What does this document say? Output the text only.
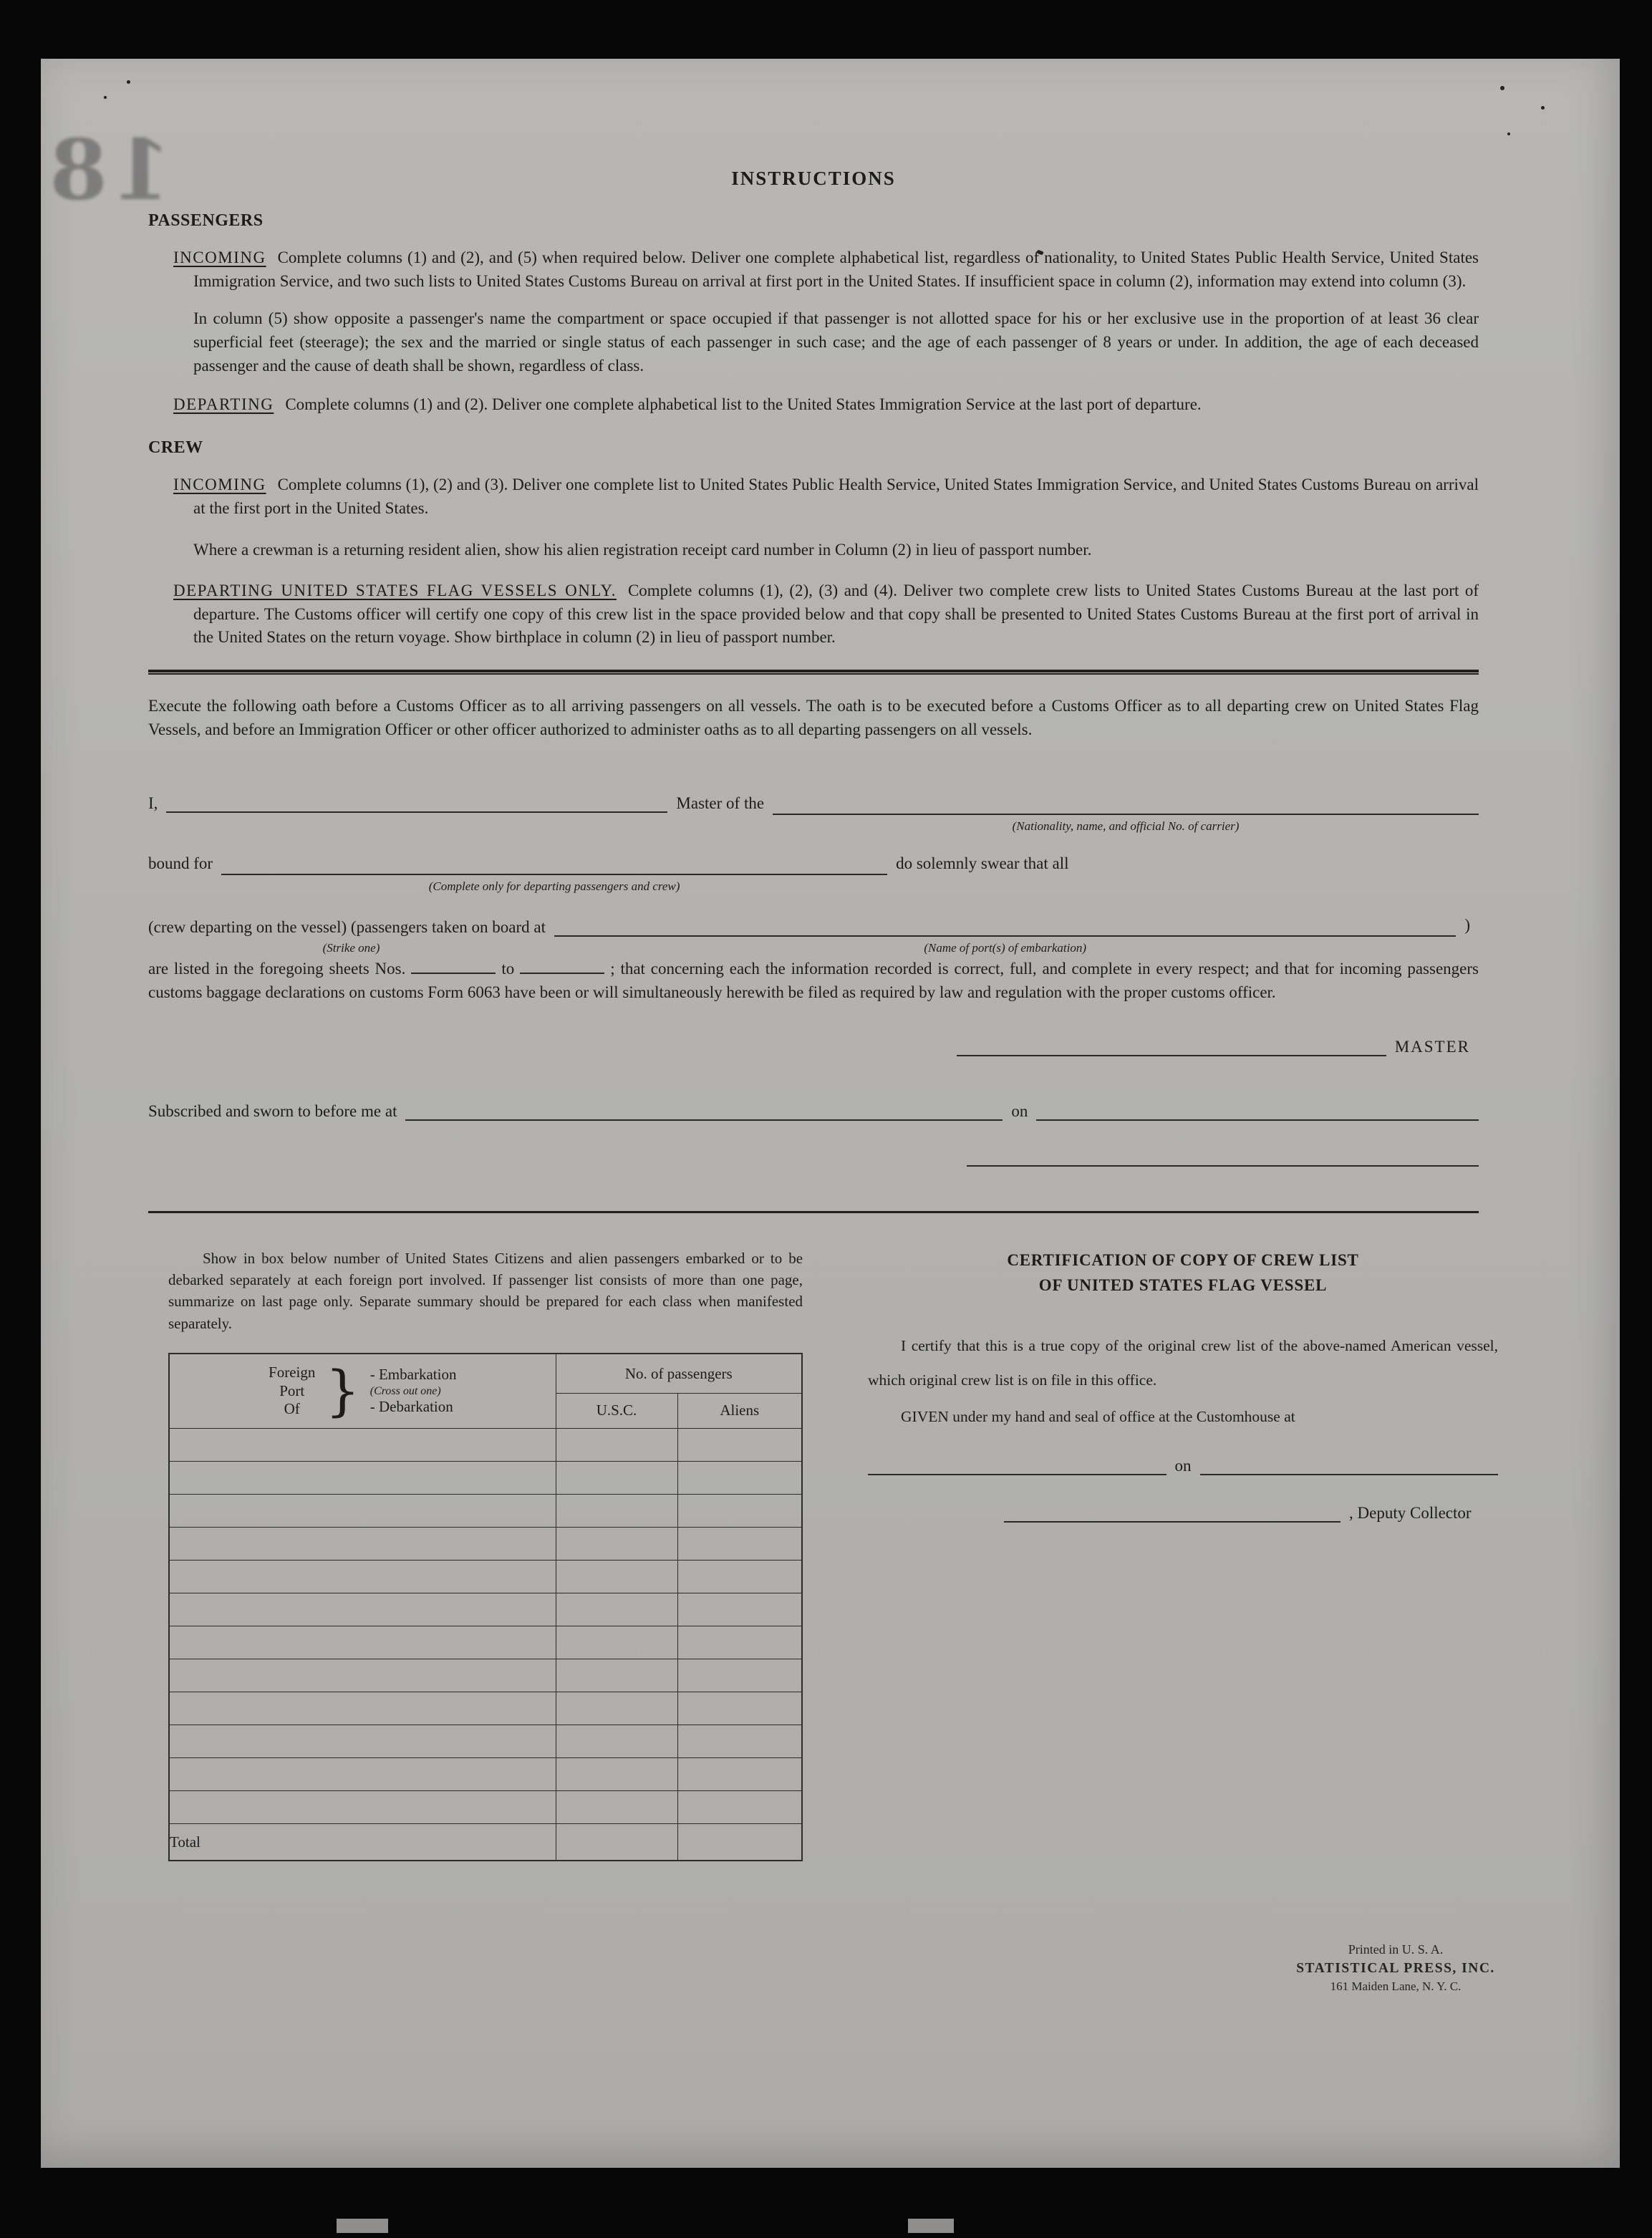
18	INSTRUCTIONS
PASSENGERS

INCOMING Complete columns (1) and (2), and (5) when required below. Deliver one complete alphabetical list, regardless of nationality, to United States Public Health Service, United States Immigration Service, and two such lists to United States Customs Bureau on arrival at first port in the United States. If insufficient space in column (2), information may extend into column (3).

In column (5) show opposite a passenger's name the compartment or space occupied if that passenger is not allotted space for his or her exclusive use in the proportion of at least 36 clear superficial feet (steerage); the sex and the married or single status of each passenger in such case; and the age of each passenger of 8 years or under. In addition, the age of each deceased passenger and the cause of death shall be shown, regardless of class.

DEPARTING Complete columns (1) and (2). Deliver one complete alphabetical list to the United States Immigration Service at the last port of departure.

CREW

INCOMING Complete columns (1), (2) and (3). Deliver one complete list to United States Public Health Service, United States Immigration Service, and United States Customs Bureau on arrival at the first port in the United States.

Where a crewman is a returning resident alien, show his alien registration receipt card number in Column (2) in lieu of passport number.

DEPARTING UNITED STATES FLAG VESSELS ONLY. Complete columns (1), (2), (3) and (4). Deliver two complete crew lists to United States Customs Bureau at the last port of departure. The Customs officer will certify one copy of this crew list in the space provided below and that copy shall be presented to United States Customs Bureau at the first port of arrival in the United States on the return voyage. Show birthplace in column (2) in lieu of passport number.

Execute the following oath before a Customs Officer as to all arriving passengers on all vessels. The oath is to be executed before a Customs Officer as to all departing crew on United States Flag Vessels, and before an Immigration Officer or other officer authorized to administer oaths as to all departing passengers on all vessels.

I,	Master of the
(Nationality, name, and official No. of carrier)
bound for
(Complete only for departing passengers and crew)
do solemnly swear that all
(crew departing on the vessel) (passengers taken on board at
(Strike one)	(Name of port(s) of embarkation)
)

are listed in the foregoing sheets Nos.	to	; that concerning each the information recorded is correct, full, and complete in every respect; and that for incoming passengers customs baggage declarations on customs Form 6063 have been or will simultaneously herewith be filed as required by law and regulation with the proper customs officer.

MASTER
Subscribed and sworn to before me at	on

Show in box below number of United States Citizens and alien passengers embarked or to be debarked separately at each foreign port involved. If passenger list consists of more than one page, summarize on last page only. Separate summary should be prepared for each class when manifested separately.

Foreign
Port
Of } - Embarkation
(Cross out one)
- Debarkation
	No. of passengers
	U.S.C.	Aliens

Total		
CERTIFICATION OF COPY OF CREW LIST
OF UNITED STATES FLAG VESSEL

I certify that this is a true copy of the original crew list of the above-named American vessel, which original crew list is on file in this office.

GIVEN under my hand and seal of office at the Customhouse at

on
, Deputy Collector
Printed in U. S. A.
STATISTICAL PRESS, INC.
161 Maiden Lane, N. Y. C.
